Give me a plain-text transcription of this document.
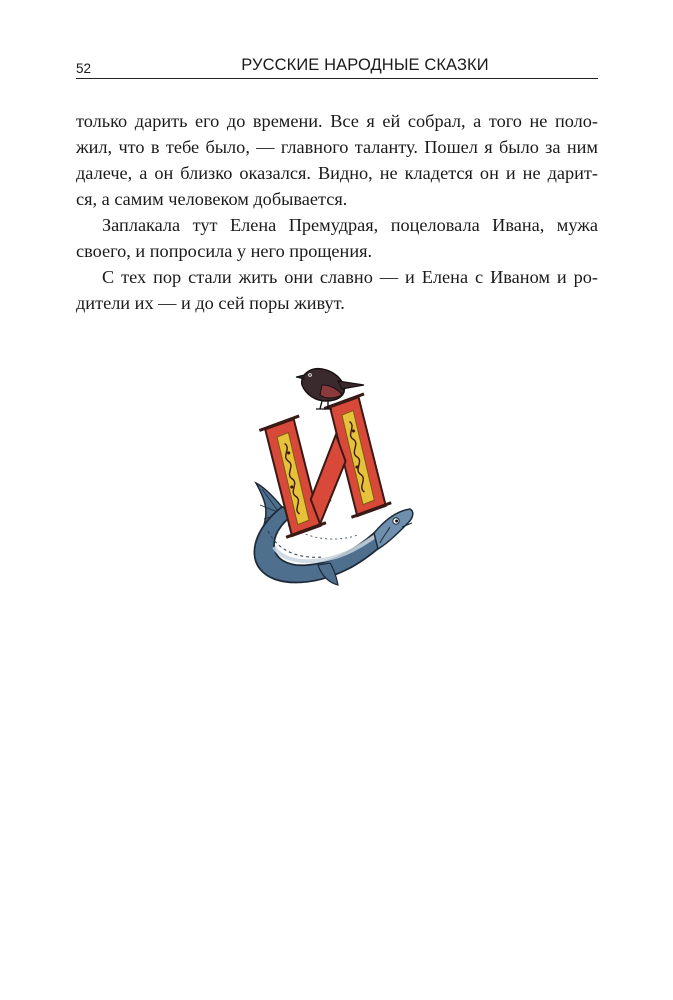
52	РУССКИЕ НАРОДНЫЕ СКАЗКИ

только дарить его до времени. Все я ей собрал, а того не поло-
жил, что в тебе было, — главного таланту. Пошел я было за ним
далече, а он близко оказался. Видно, не кладется он и не дарит-

ся, а самим человеком добывается.

Заплакала тут Елена Премудрая, поцеловала Ивана, мужа

своего, и попросила у него прощения.

С тех пор стали жить они славно — и Елена с Иваном и ро-

дители их — и до сей поры живут.
